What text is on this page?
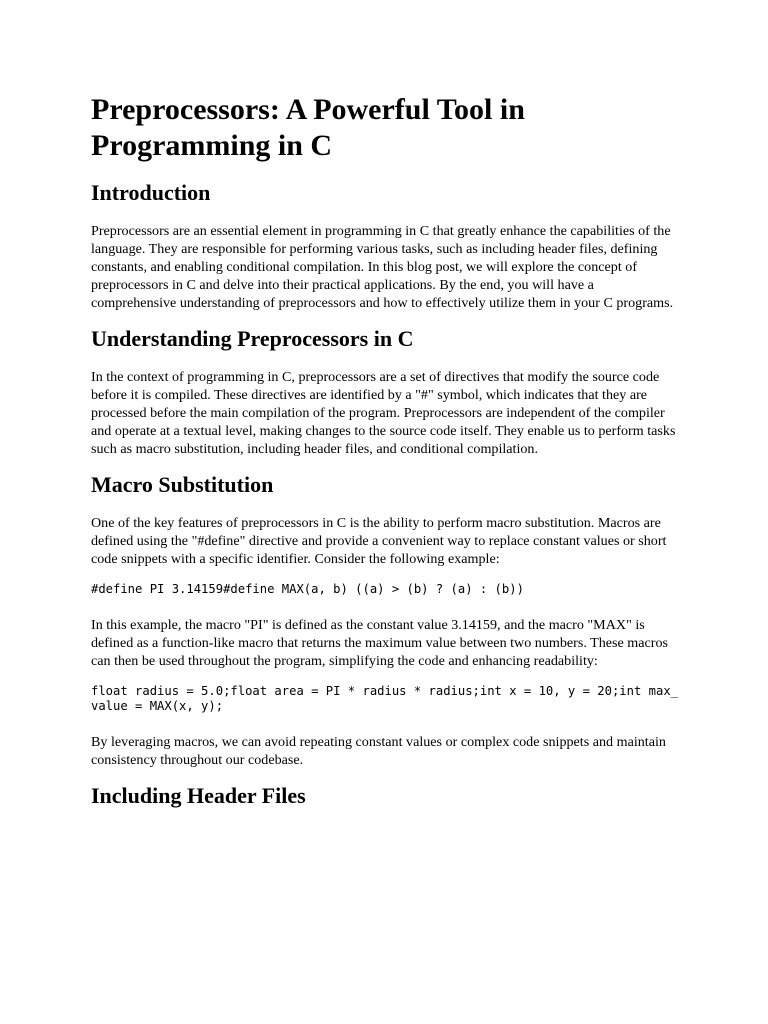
Preprocessors: A Powerful Tool in Programming in C
Introduction

Preprocessors are an essential element in programming in C that greatly enhance the capabilities of the language. They are responsible for performing various tasks, such as including header files, defining constants, and enabling conditional compilation. In this blog post, we will explore the concept of preprocessors in C and delve into their practical applications. By the end, you will have a comprehensive understanding of preprocessors and how to effectively utilize them in your C programs.

Understanding Preprocessors in C

In the context of programming in C, preprocessors are a set of directives that modify the source code before it is compiled. These directives are identified by a "#" symbol, which indicates that they are processed before the main compilation of the program. Preprocessors are independent of the compiler and operate at a textual level, making changes to the source code itself. They enable us to perform tasks such as macro substitution, including header files, and conditional compilation.

Macro Substitution

One of the key features of preprocessors in C is the ability to perform macro substitution. Macros are defined using the "#define" directive and provide a convenient way to replace constant values or short code snippets with a specific identifier. Consider the following example:

#define PI 3.14159#define MAX(a, b) ((a) > (b) ? (a) : (b))

In this example, the macro "PI" is defined as the constant value 3.14159, and the macro "MAX" is defined as a function-like macro that returns the maximum value between two numbers. These macros can then be used throughout the program, simplifying the code and enhancing readability:

float radius = 5.0;float area = PI * radius * radius;int x = 10, y = 20;int max_value = MAX(x, y);

By leveraging macros, we can avoid repeating constant values or complex code snippets and maintain consistency throughout our codebase.

Including Header Files
